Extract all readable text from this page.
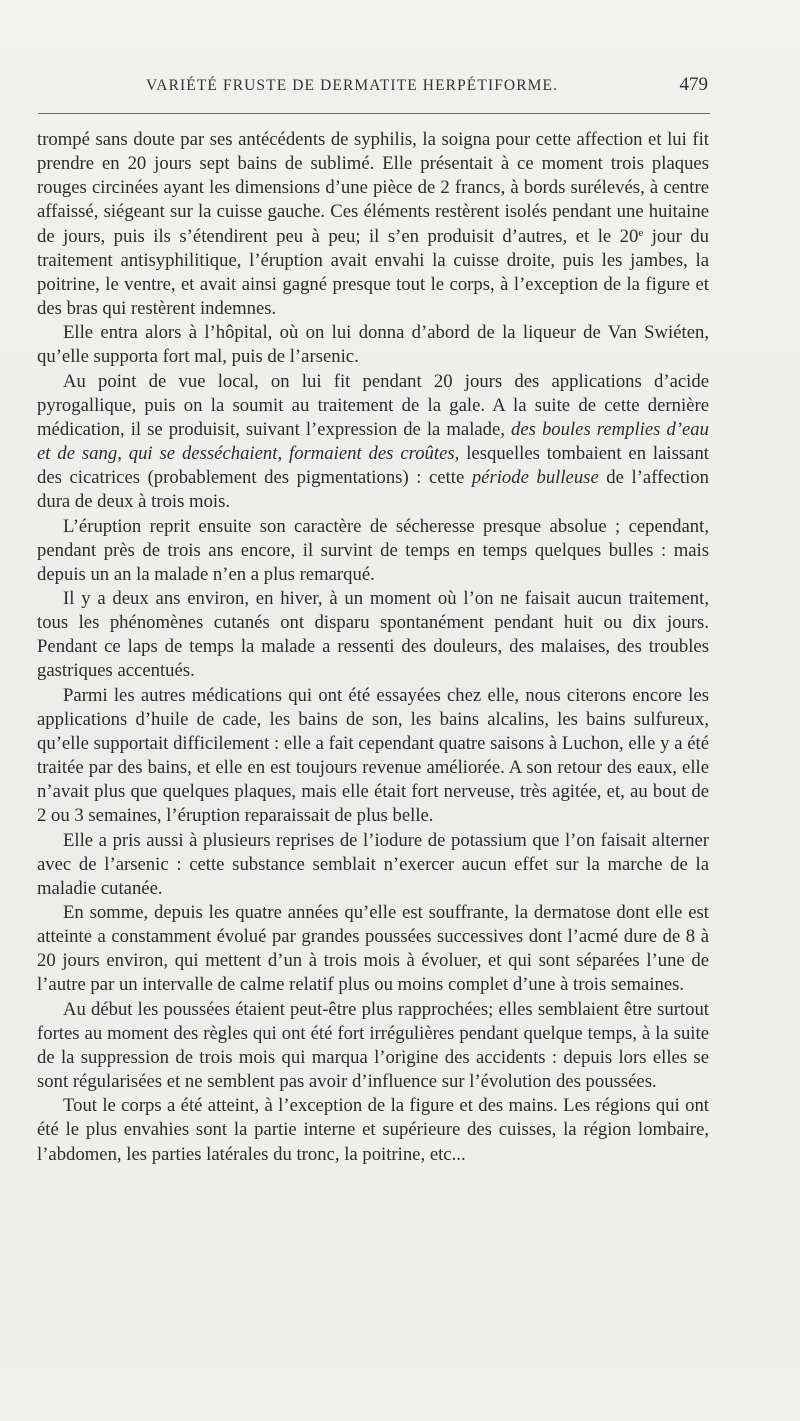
VARIÉTÉ FRUSTE DE DERMATITE HERPÉTIFORME.	479

trompé sans doute par ses antécédents de syphilis, la soigna pour cette affection et lui fit prendre en 20 jours sept bains de sublimé. Elle présentait à ce moment trois plaques rouges circinées ayant les dimensions d’une pièce de 2 francs, à bords surélevés, à centre affaissé, siégeant sur la cuisse gauche. Ces éléments restèrent isolés pendant une huitaine de jours, puis ils s’étendirent peu à peu; il s’en produisit d’autres, et le 20e jour du traitement antisyphilitique, l’éruption avait envahi la cuisse droite, puis les jambes, la poitrine, le ventre, et avait ainsi gagné presque tout le corps, à l’exception de la figure et des bras qui restèrent indemnes.

Elle entra alors à l’hôpital, où on lui donna d’abord de la liqueur de Van Swiéten, qu’elle supporta fort mal, puis de l’arsenic.

Au point de vue local, on lui fit pendant 20 jours des applications d’acide pyrogallique, puis on la soumit au traitement de la gale. A la suite de cette dernière médication, il se produisit, suivant l’expression de la malade, des boules remplies d’eau et de sang, qui se desséchaient, formaient des croûtes, lesquelles tombaient en laissant des cicatrices (probablement des pigmentations) : cette période bulleuse de l’affection dura de deux à trois mois.

L’éruption reprit ensuite son caractère de sécheresse presque absolue ; cependant, pendant près de trois ans encore, il survint de temps en temps quelques bulles : mais depuis un an la malade n’en a plus remarqué.

Il y a deux ans environ, en hiver, à un moment où l’on ne faisait aucun traitement, tous les phénomènes cutanés ont disparu spontanément pendant huit ou dix jours. Pendant ce laps de temps la malade a ressenti des douleurs, des malaises, des troubles gastriques accentués.

Parmi les autres médications qui ont été essayées chez elle, nous citerons encore les applications d’huile de cade, les bains de son, les bains alcalins, les bains sulfureux, qu’elle supportait difficilement : elle a fait cependant quatre saisons à Luchon, elle y a été traitée par des bains, et elle en est toujours revenue améliorée. A son retour des eaux, elle n’avait plus que quelques plaques, mais elle était fort nerveuse, très agitée, et, au bout de 2 ou 3 semaines, l’éruption reparaissait de plus belle.

Elle a pris aussi à plusieurs reprises de l’iodure de potassium que l’on faisait alterner avec de l’arsenic : cette substance semblait n’exercer aucun effet sur la marche de la maladie cutanée.

En somme, depuis les quatre années qu’elle est souffrante, la dermatose dont elle est atteinte a constamment évolué par grandes poussées successives dont l’acmé dure de 8 à 20 jours environ, qui mettent d’un à trois mois à évoluer, et qui sont séparées l’une de l’autre par un intervalle de calme relatif plus ou moins complet d’une à trois semaines.

Au début les poussées étaient peut-être plus rapprochées; elles semblaient être surtout fortes au moment des règles qui ont été fort irrégulières pendant quelque temps, à la suite de la suppression de trois mois qui marqua l’origine des accidents : depuis lors elles se sont régularisées et ne semblent pas avoir d’influence sur l’évolution des poussées.

Tout le corps a été atteint, à l’exception de la figure et des mains. Les régions qui ont été le plus envahies sont la partie interne et supérieure des cuisses, la région lombaire, l’abdomen, les parties latérales du tronc, la poitrine, etc...
